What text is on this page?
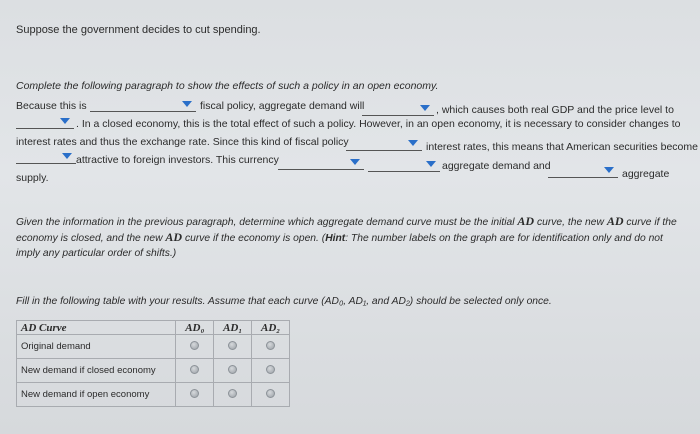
Suppose the government decides to cut spending.
Complete the following paragraph to show the effects of such a policy in an open economy.
Because this is	fiscal policy, aggregate demand will	, which causes both real GDP and the price level to
. In a closed economy, this is the total effect of such a policy. However, in an open economy, it is necessary to consider changes to
interest rates and thus the exchange rate. Since this kind of fiscal policy	interest rates, this means that American securities become
attractive to foreign investors. This currency	aggregate demand and
aggregate
supply.
Given the information in the previous paragraph, determine which aggregate demand curve must be the initial AD curve, the new AD curve if the economy is closed, and the new AD curve if the economy is open. (Hint: The number labels on the graph are for identification only and do not imply any particular order of shifts.)
Fill in the following table with your results. Assume that each curve (AD₀, AD₁, and AD₂) should be selected only once.
AD Curve	AD₀	AD₁	AD₂
Original demand			
New demand if closed economy			
New demand if open economy			
